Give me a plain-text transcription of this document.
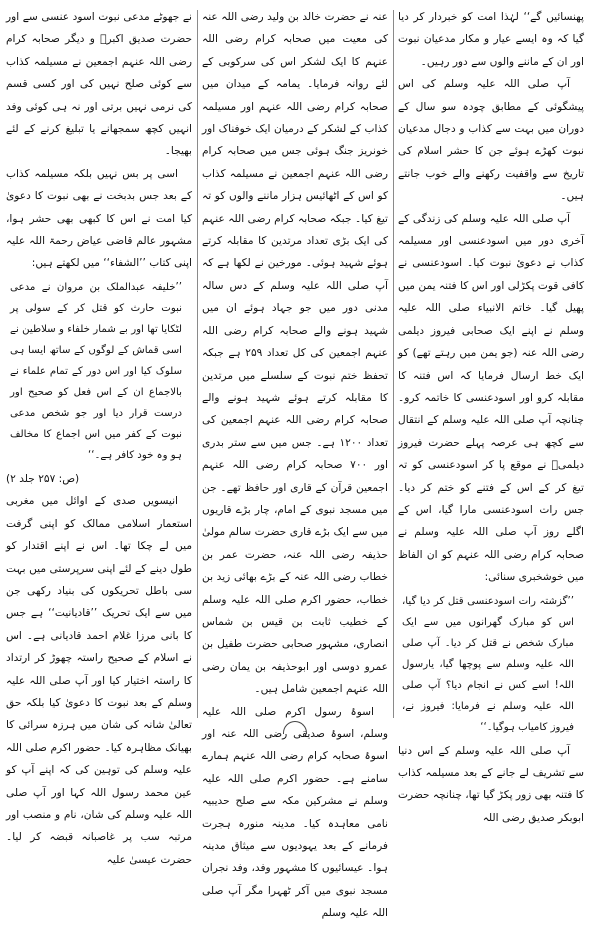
پھنسائیں گے‘‘ لہٰذا امت کو خبردار کر دیا گیا کہ وہ ایسے عیار و مکار مدعیان نبوت اور ان کے ماننے والوں سے دور رہیں۔

آپ صلی اللہ علیہ وسلم کی اس پیشگوئی کے مطابق چودہ سو سال کے دوران میں بہت سے کذاب و دجال مدعیان نبوت کھڑے ہوئے جن کا حشر اسلام کی تاریخ سے واقفیت رکھنے والے خوب جانتے ہیں۔

آپ صلی اللہ علیہ وسلم کی زندگی کے آخری دور میں اسودعنسی اور مسیلمہ کذاب نے دعوئ نبوت کیا۔ اسودعنسی نے کافی قوت پکڑلی اور اس کا فتنہ یمن میں پھیل گیا۔ خاتم الانبیاء صلی اللہ علیہ وسلم نے اپنے ایک صحابی فیروز دیلمی رضی اللہ عنہ (جو یمن میں رہتے تھے) کو ایک خط ارسال فرمایا کہ اس فتنہ کا مقابلہ کرو اور اسودعنسی کا خاتمہ کرو۔ چنانچہ آپ صلی اللہ علیہ وسلم کے انتقال سے کچھ ہی عرصہ پہلے حضرت فیروز دیلمیؓ نے موقع پا کر اسودعنسی کو تہ تیغ کر کے اس کے فتنے کو ختم کر دیا۔ جس رات اسودعنسی مارا گیا، اس کے اگلے روز آپ صلی اللہ علیہ وسلم نے صحابہ کرام رضی اللہ عنہم کو ان الفاظ میں خوشخبری سنائی:

’’گزشتہ رات اسودعنسی قتل کر دیا گیا، اس کو مبارک گھرانوں میں سے ایک مبارک شخص نے قتل کر دیا۔ آپ صلی اللہ علیہ وسلم سے پوچھا گیا، یارسول اللہ! اسے کس نے انجام دیا؟ آپ صلی اللہ علیہ وسلم نے فرمایا: فیروز نے، فیروز کامیاب ہوگیا۔‘‘

آپ صلی اللہ علیہ وسلم کے اس دنیا سے تشریف لے جانے کے بعد مسیلمہ کذاب کا فتنہ بھی زور پکڑ گیا تھا، چنانچہ حضرت ابوبکر صدیق رضی اللہ

عنہ نے حضرت خالد بن ولید رضی اللہ عنہ کی معیت میں صحابہ کرام رضی اللہ عنہم کا ایک لشکر اس کی سرکوبی کے لئے روانہ فرمایا۔ یمامہ کے میدان میں صحابہ کرام رضی اللہ عنہم اور مسیلمہ کذاب کے لشکر کے درمیان ایک خوفناک اور خونریز جنگ ہوئی جس میں صحابہ کرام رضی اللہ عنہم اجمعین نے مسیلمہ کذاب کو اس کے اٹھائیس ہزار ماننے والوں کو تہ تیغ کیا۔ جبکہ صحابہ کرام رضی اللہ عنہم کی ایک بڑی تعداد مرتدین کا مقابلہ کرتے ہوئے شہید ہوئی۔ مورخین نے لکھا ہے کہ آپ صلی اللہ علیہ وسلم کے دس سالہ مدنی دور میں جو جہاد ہوئے ان میں شہید ہونے والے صحابہ کرام رضی اللہ عنہم اجمعین کی کل تعداد ۲۵۹ ہے جبکہ تحفظ ختم نبوت کے سلسلے میں مرتدین کا مقابلہ کرتے ہوئے شہید ہونے والے صحابہ کرام رضی اللہ عنہم اجمعین کی تعداد ۱۲۰۰ ہے۔ جس میں سے ستر بدری اور ۷۰۰ صحابہ کرام رضی اللہ عنہم اجمعین قرآن کے قاری اور حافظ تھے۔ جن میں مسجد نبوی کے امام، چار بڑے قاریوں میں سے ایک بڑے قاری حضرت سالم مولیٰ حذیفہ رضی اللہ عنہ، حضرت عمر بن خطاب رضی اللہ عنہ کے بڑے بھائی زید بن خطاب، حضور اکرم صلی اللہ علیہ وسلم کے خطیب ثابت بن قیس بن شماس انصاری، مشہور صحابی حضرت طفیل بن عمرو دوسی اور ابوحذیفہ بن یمان رضی اللہ عنہم اجمعین شامل ہیں۔

اسوۂ رسول اکرم صلی اللہ علیہ وسلم، اسوۂ صدیقی رضی اللہ عنہ اور اسوۂ صحابہ کرام رضی اللہ عنہم ہمارے سامنے ہے۔ حضور اکرم صلی اللہ علیہ وسلم نے مشرکین مکہ سے صلح حدیبیہ نامی معاہدہ کیا۔ مدینہ منورہ ہجرت فرمانے کے بعد یہودیوں سے میثاق مدینہ ہوا۔ عیسائیوں کا مشہور وفد، وفد نجران مسجد نبوی میں آکر ٹھہرا مگر آپ صلی اللہ علیہ وسلم

نے جھوٹے مدعی نبوت اسود عنسی سے اور حضرت صدیق اکبرؓ و دیگر صحابہ کرام رضی اللہ عنہم اجمعین نے مسیلمہ کذاب سے کوئی صلح نہیں کی اور کسی قسم کی نرمی نہیں برتی اور نہ ہی کوئی وفد انہیں کچھ سمجھانے یا تبلیغ کرنے کے لئے بھیجا۔

اسی پر بس نہیں بلکہ مسیلمہ کذاب کے بعد جس بدبخت نے بھی نبوت کا دعویٰ کیا امت نے اس کا کبھی بھی حشر ہوا، مشہور عالم قاضی عیاض رحمۃ اللہ علیہ اپنی کتاب ’’الشفاء‘‘ میں لکھتے ہیں:

’’خلیفہ عبدالملک بن مروان نے مدعی نبوت حارث کو قتل کر کے سولی پر لٹکایا تھا اور بے شمار خلفاء و سلاطین نے اسی قماش کے لوگوں کے ساتھ ایسا ہی سلوک کیا اور اس دور کے تمام علماء نے بالاجماع ان کے اس فعل کو صحیح اور درست قرار دیا اور جو شخص مدعی نبوت کے کفر میں اس اجماع کا مخالف ہو وہ خود کافر ہے۔‘‘

(ص: ۲۵۷ جلد ۲)

انیسویں صدی کے اوائل میں مغربی استعمار اسلامی ممالک کو اپنی گرفت میں لے چکا تھا۔ اس نے اپنے اقتدار کو طول دینے کے لئے اپنی سرپرستی میں بہت سی باطل تحریکوں کی بنیاد رکھی جن میں سے ایک تحریک ’’قادیانیت‘‘ ہے جس کا بانی مرزا غلام احمد قادیانی ہے۔ اس نے اسلام کے صحیح راستہ چھوڑ کر ارتداد کا راستہ اختیار کیا اور آپ صلی اللہ علیہ وسلم کے بعد نبوت کا دعویٰ کیا بلکہ حق تعالیٰ شانہ کی شان میں ہرزہ سرائی کا بھیانک مظاہرہ کیا۔ حضور اکرم صلی اللہ علیہ وسلم کی توہین کی کہ اپنے آپ کو عین محمد رسول اللہ کہا اور آپ صلی اللہ علیہ وسلم کی شان، نام و منصب اور مرتبہ سب پر غاصبانہ قبضہ کر لیا۔ حضرت عیسیٰ علیہ
